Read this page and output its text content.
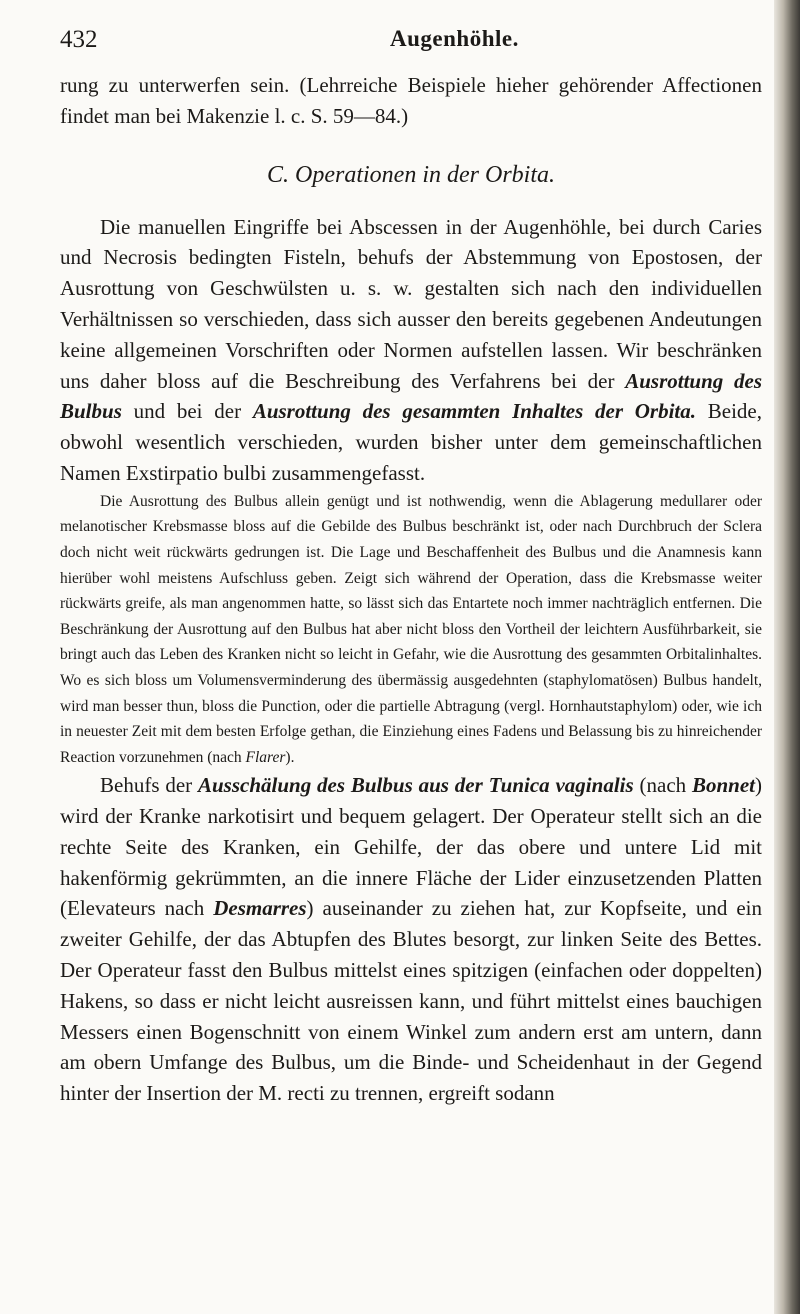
432	Augenhöhle.

rung zu unterwerfen sein. (Lehrreiche Beispiele hieher gehörender Affectionen findet man bei Makenzie l. c. S. 59—84.)

C. Operationen in der Orbita.

Die manuellen Eingriffe bei Abscessen in der Augenhöhle, bei durch Caries und Necrosis bedingten Fisteln, behufs der Abstemmung von Epostosen, der Ausrottung von Geschwülsten u. s. w. gestalten sich nach den individuellen Verhältnissen so verschieden, dass sich ausser den bereits gegebenen Andeutungen keine allgemeinen Vorschriften oder Normen aufstellen lassen. Wir beschränken uns daher bloss auf die Beschreibung des Verfahrens bei der Ausrottung des Bulbus und bei der Ausrottung des gesammten Inhaltes der Orbita. Beide, obwohl wesentlich verschieden, wurden bisher unter dem gemeinschaftlichen Namen Exstirpatio bulbi zusammengefasst.

Die Ausrottung des Bulbus allein genügt und ist nothwendig, wenn die Ablagerung medullarer oder melanotischer Krebsmasse bloss auf die Gebilde des Bulbus beschränkt ist, oder nach Durchbruch der Sclera doch nicht weit rückwärts gedrungen ist. Die Lage und Beschaffenheit des Bulbus und die Anamnesis kann hierüber wohl meistens Aufschluss geben. Zeigt sich während der Operation, dass die Krebsmasse weiter rückwärts greife, als man angenommen hatte, so lässt sich das Entartete noch immer nachträglich entfernen. Die Beschränkung der Ausrottung auf den Bulbus hat aber nicht bloss den Vortheil der leichtern Ausführbarkeit, sie bringt auch das Leben des Kranken nicht so leicht in Gefahr, wie die Ausrottung des gesammten Orbitalinhaltes. Wo es sich bloss um Volumensverminderung des übermässig ausgedehnten (staphylomatösen) Bulbus handelt, wird man besser thun, bloss die Punction, oder die partielle Abtragung (vergl. Hornhautstaphylom) oder, wie ich in neuester Zeit mit dem besten Erfolge gethan, die Einziehung eines Fadens und Belassung bis zu hinreichender Reaction vorzunehmen (nach Flarer).

Behufs der Ausschälung des Bulbus aus der Tunica vaginalis (nach Bonnet) wird der Kranke narkotisirt und bequem gelagert. Der Operateur stellt sich an die rechte Seite des Kranken, ein Gehilfe, der das obere und untere Lid mit hakenförmig gekrümmten, an die innere Fläche der Lider einzusetzenden Platten (Elevateurs nach Desmarres) auseinander zu ziehen hat, zur Kopfseite, und ein zweiter Gehilfe, der das Abtupfen des Blutes besorgt, zur linken Seite des Bettes. Der Operateur fasst den Bulbus mittelst eines spitzigen (einfachen oder doppelten) Hakens, so dass er nicht leicht ausreissen kann, und führt mittelst eines bauchigen Messers einen Bogenschnitt von einem Winkel zum andern erst am untern, dann am obern Umfange des Bulbus, um die Binde- und Scheidenhaut in der Gegend hinter der Insertion der M. recti zu trennen, ergreift sodann
